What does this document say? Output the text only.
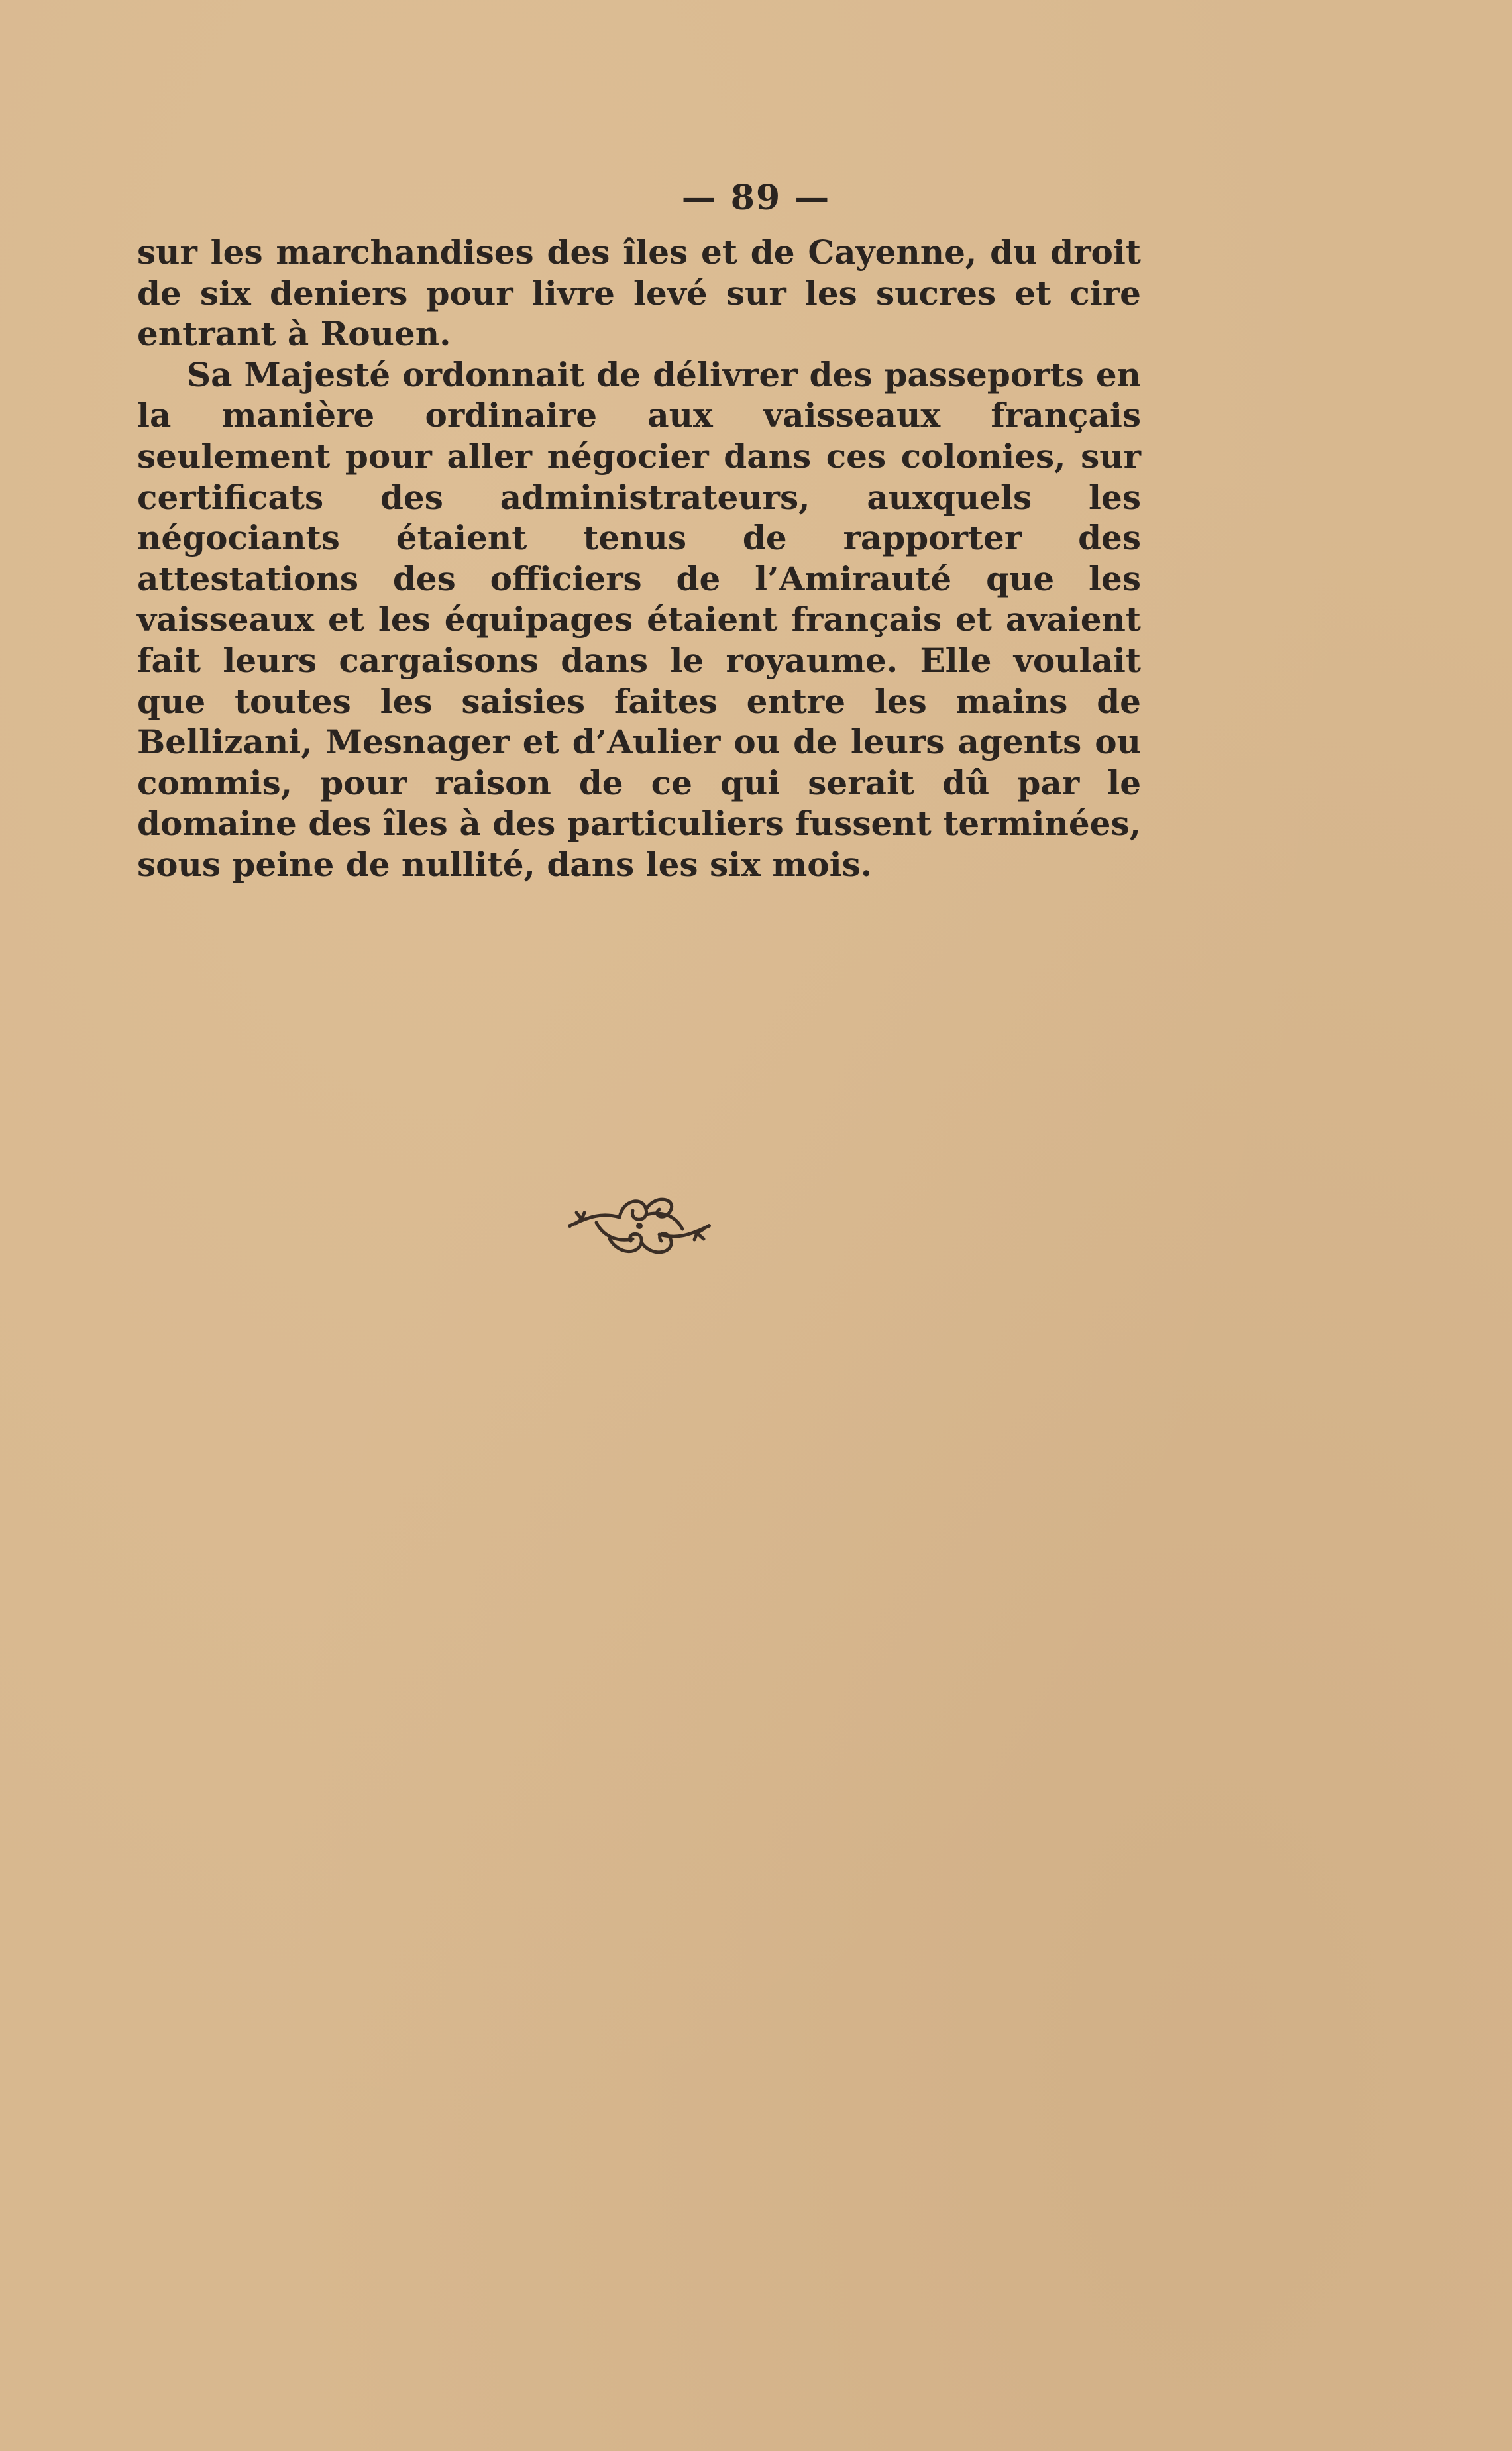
— 89 —

sur les marchandises des îles et de Cayenne, du droit de six deniers pour livre levé sur les sucres et cire entrant à Rouen.

Sa Majesté ordonnait de délivrer des passeports en la manière ordinaire aux vaisseaux français seulement pour aller négocier dans ces colonies, sur certificats des administrateurs, auxquels les négociants étaient tenus de rapporter des attestations des officiers de l’Amirauté que les vaisseaux et les équipages étaient français et avaient fait leurs cargaisons dans le royaume. Elle voulait que toutes les saisies faites entre les mains de Bellizani, Mesnager et d’Aulier ou de leurs agents ou commis, pour raison de ce qui serait dû par le domaine des îles à des particuliers fussent terminées, sous peine de nullité, dans les six mois.
